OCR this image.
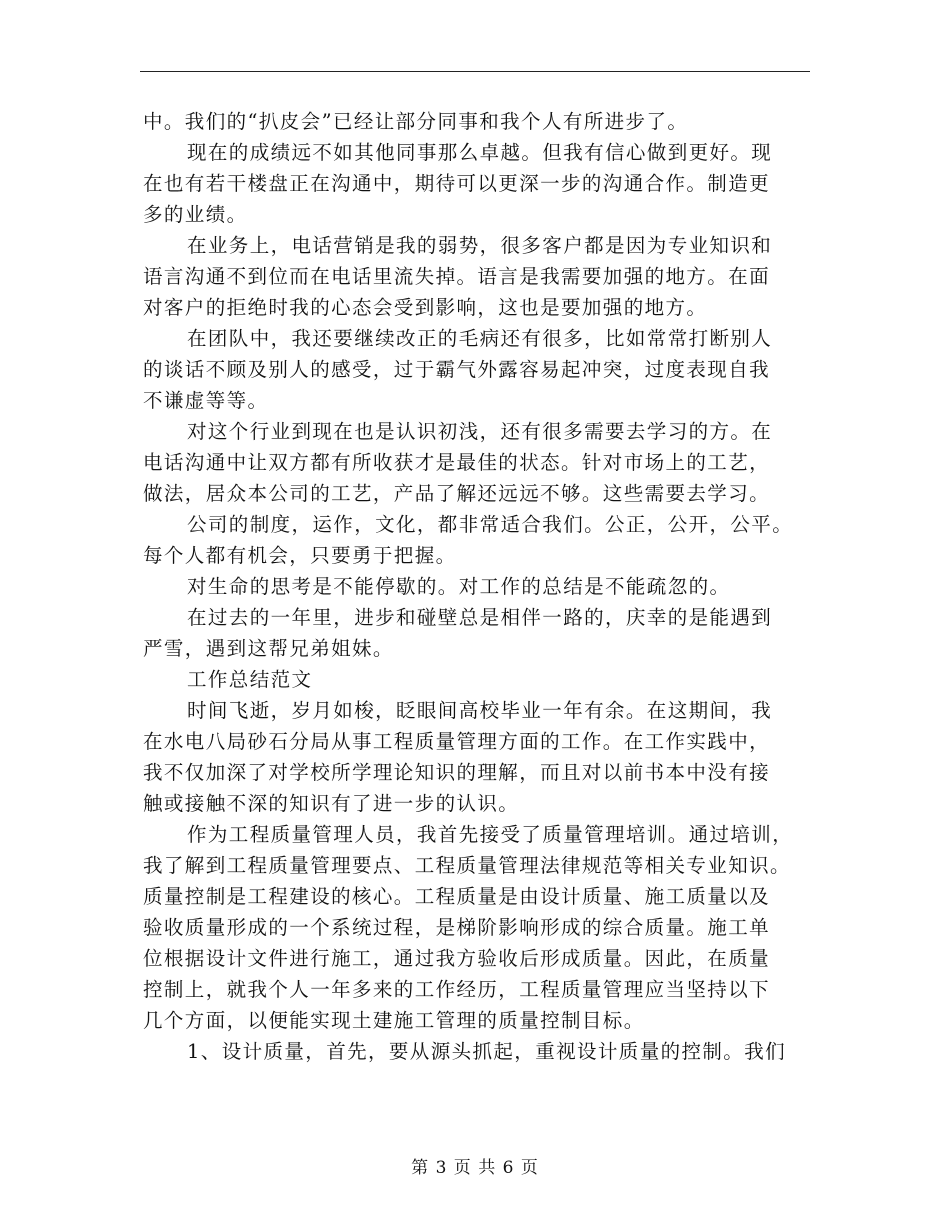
中。我们的“扒皮会”已经让部分同事和我个人有所进步了。
现在的成绩远不如其他同事那么卓越。但我有信心做到更好。现
在也有若干楼盘正在沟通中，期待可以更深一步的沟通合作。制造更
多的业绩。
在业务上，电话营销是我的弱势，很多客户都是因为专业知识和
语言沟通不到位而在电话里流失掉。语言是我需要加强的地方。在面
对客户的拒绝时我的心态会受到影响，这也是要加强的地方。
在团队中，我还要继续改正的毛病还有很多，比如常常打断别人
的谈话不顾及别人的感受，过于霸气外露容易起冲突，过度表现自我
不谦虚等等。
对这个行业到现在也是认识初浅，还有很多需要去学习的方。在
电话沟通中让双方都有所收获才是最佳的状态。针对市场上的工艺，
做法，居众本公司的工艺，产品了解还远远不够。这些需要去学习。
公司的制度，运作，文化，都非常适合我们。公正，公开，公平。
每个人都有机会，只要勇于把握。
对生命的思考是不能停歇的。对工作的总结是不能疏忽的。
在过去的一年里，进步和碰壁总是相伴一路的，庆幸的是能遇到
严雪，遇到这帮兄弟姐妹。
工作总结范文
时间飞逝，岁月如梭，眨眼间高校毕业一年有余。在这期间，我
在水电八局砂石分局从事工程质量管理方面的工作。在工作实践中，
我不仅加深了对学校所学理论知识的理解，而且对以前书本中没有接
触或接触不深的知识有了进一步的认识。
作为工程质量管理人员，我首先接受了质量管理培训。通过培训，
我了解到工程质量管理要点、工程质量管理法律规范等相关专业知识。
质量控制是工程建设的核心。工程质量是由设计质量、施工质量以及
验收质量形成的一个系统过程，是梯阶影响形成的综合质量。施工单
位根据设计文件进行施工，通过我方验收后形成质量。因此，在质量
控制上，就我个人一年多来的工作经历，工程质量管理应当坚持以下
几个方面，以便能实现土建施工管理的质量控制目标。
1、设计质量，首先，要从源头抓起，重视设计质量的控制。我们
第 3 页 共 6 页
